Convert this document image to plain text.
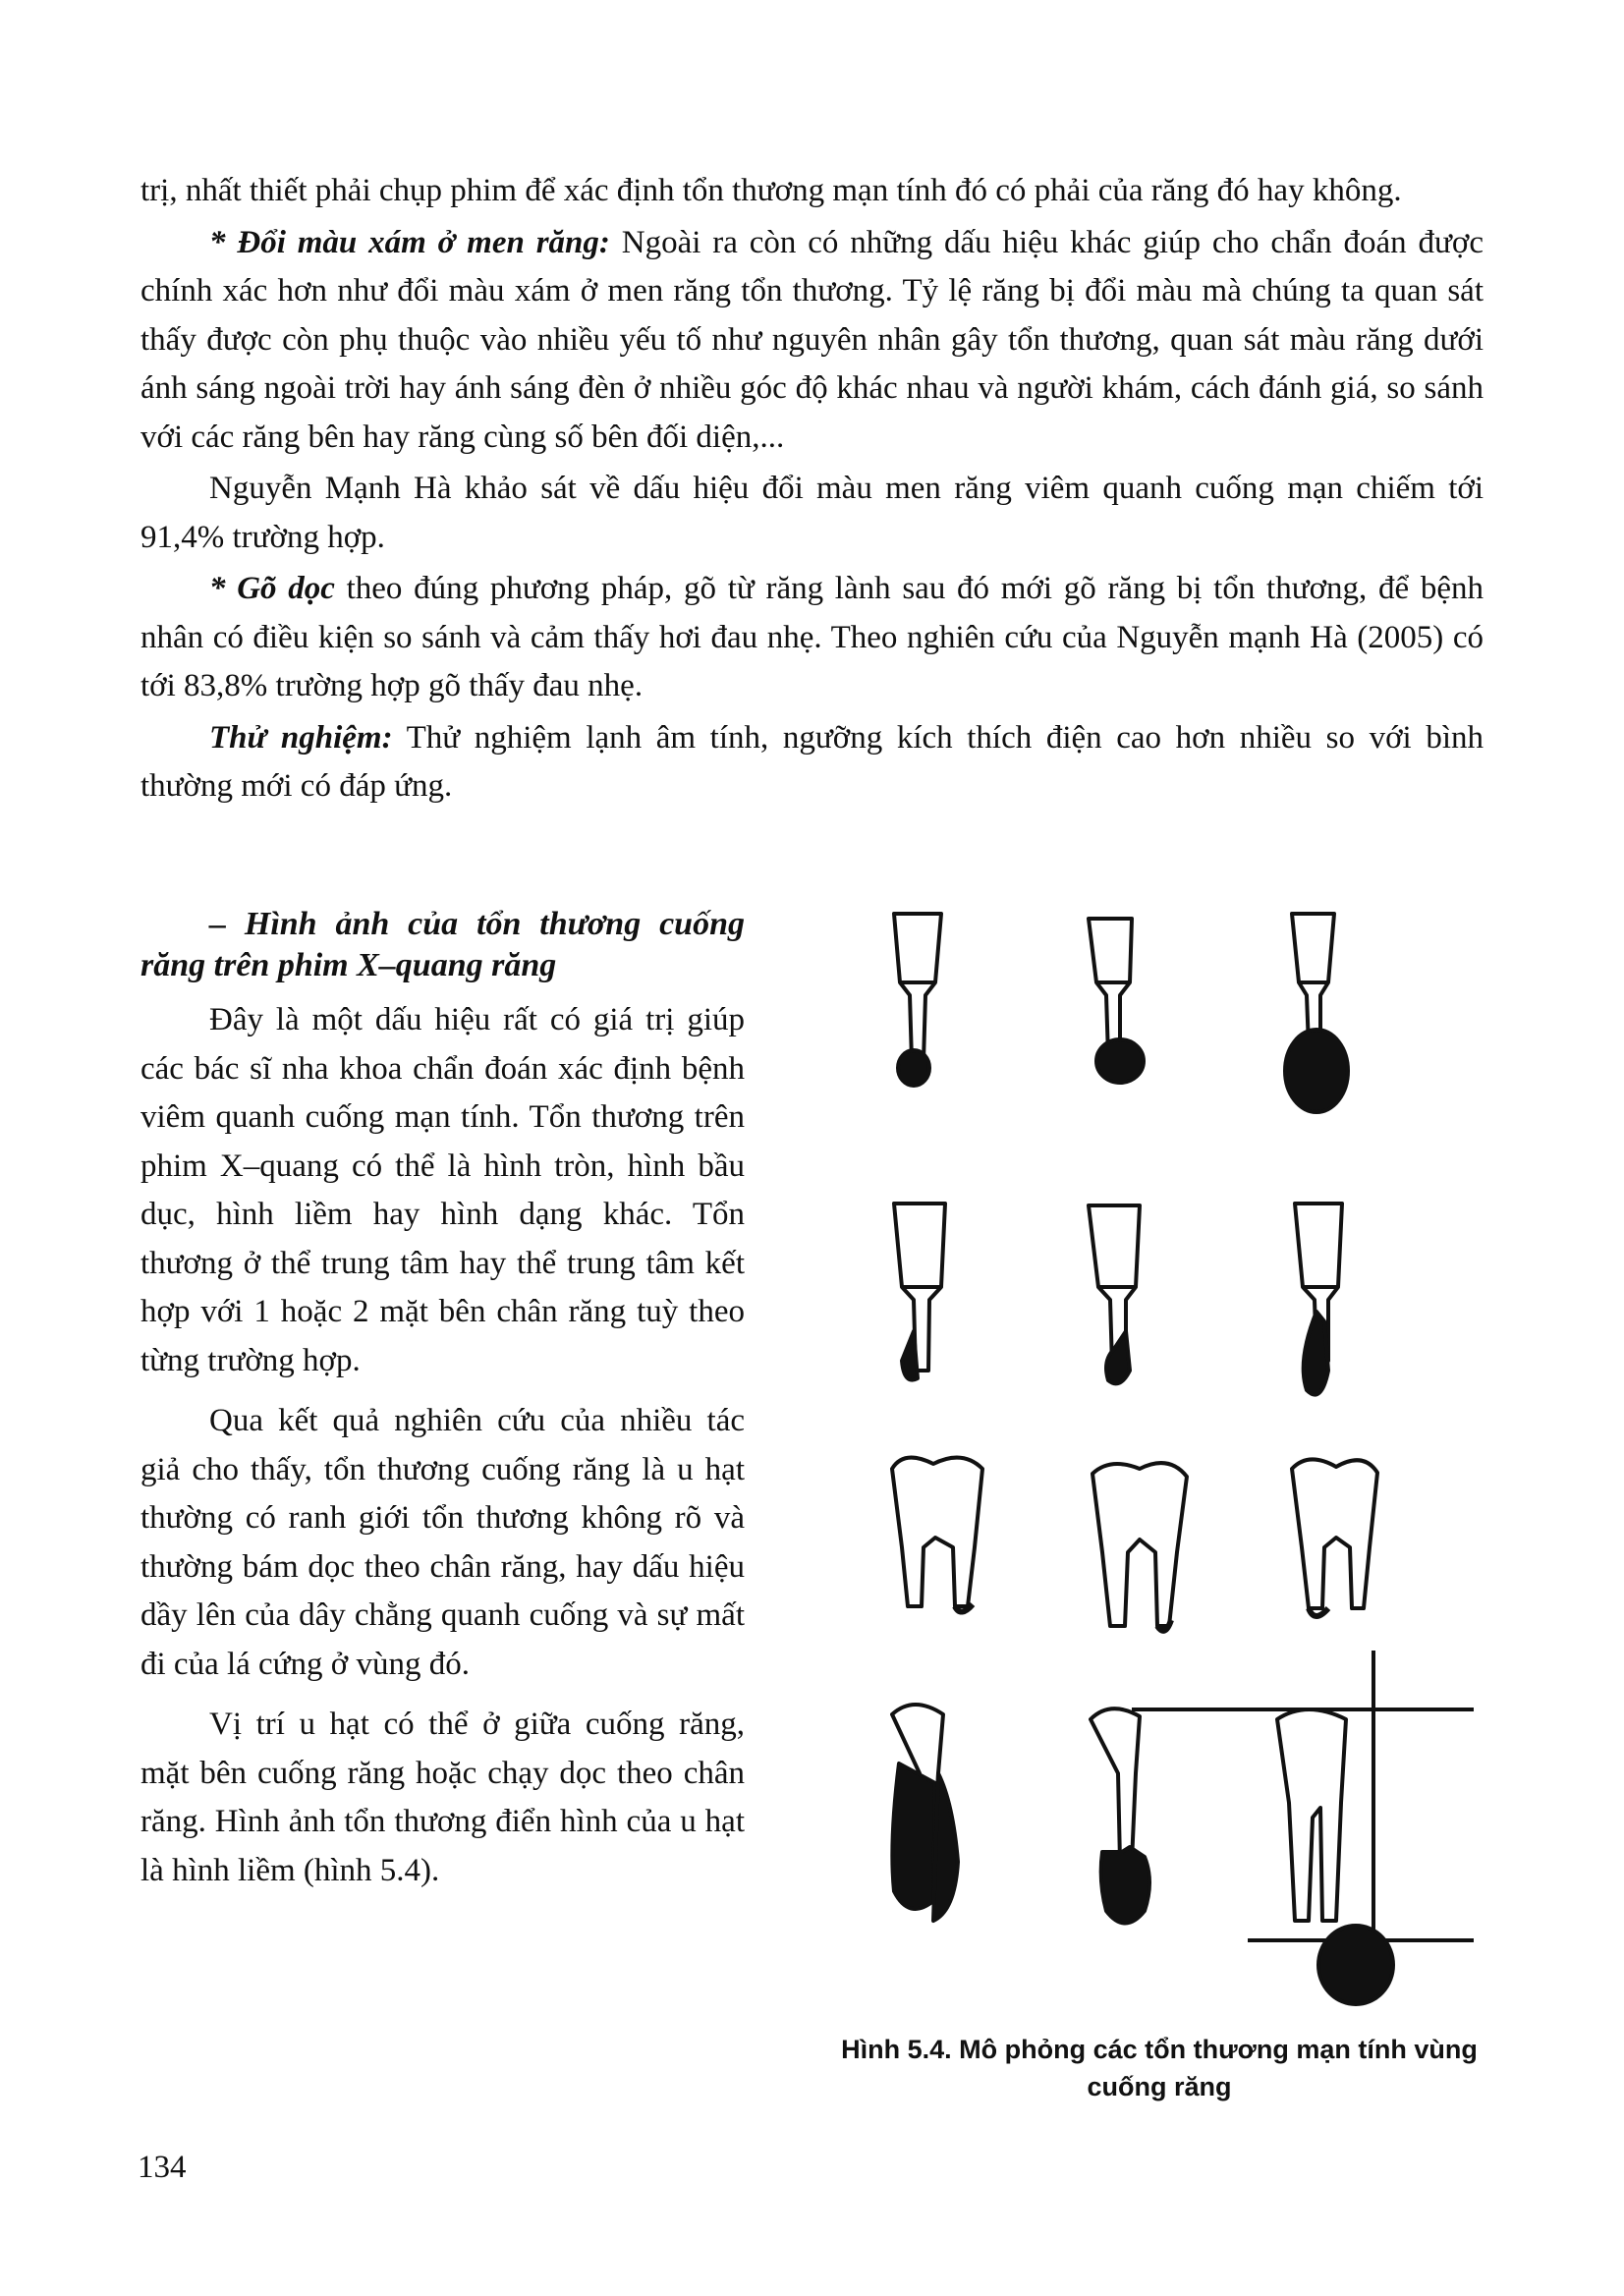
trị, nhất thiết phải chụp phim để xác định tổn thương mạn tính đó có phải của răng đó hay không.

* Đổi màu xám ở men răng: Ngoài ra còn có những dấu hiệu khác giúp cho chẩn đoán được chính xác hơn như đổi màu xám ở men răng tổn thương. Tỷ lệ răng bị đổi màu mà chúng ta quan sát thấy được còn phụ thuộc vào nhiều yếu tố như nguyên nhân gây tổn thương, quan sát màu răng dưới ánh sáng ngoài trời hay ánh sáng đèn ở nhiều góc độ khác nhau và người khám, cách đánh giá, so sánh với các răng bên hay răng cùng số bên đối diện,...

Nguyễn Mạnh Hà khảo sát về dấu hiệu đổi màu men răng viêm quanh cuống mạn chiếm tới 91,4% trường hợp.

* Gõ dọc theo đúng phương pháp, gõ từ răng lành sau đó mới gõ răng bị tổn thương, để bệnh nhân có điều kiện so sánh và cảm thấy hơi đau nhẹ. Theo nghiên cứu của Nguyễn mạnh Hà (2005) có tới 83,8% trường hợp gõ thấy đau nhẹ.

Thử nghiệm: Thử nghiệm lạnh âm tính, ngưỡng kích thích điện cao hơn nhiều so với bình thường mới có đáp ứng.

– Hình ảnh của tổn thương cuống răng trên phim X–quang răng

Đây là một dấu hiệu rất có giá trị giúp các bác sĩ nha khoa chẩn đoán xác định bệnh viêm quanh cuống mạn tính. Tổn thương trên phim X–quang có thể là hình tròn, hình bầu dục, hình liềm hay hình dạng khác. Tổn thương ở thể trung tâm hay thể trung tâm kết hợp với 1 hoặc 2 mặt bên chân răng tuỳ theo từng trường hợp.

Qua kết quả nghiên cứu của nhiều tác giả cho thấy, tổn thương cuống răng là u hạt thường có ranh giới tổn thương không rõ và thường bám dọc theo chân răng, hay dấu hiệu dầy lên của dây chằng quanh cuống và sự mất đi của lá cứng ở vùng đó.

Vị trí u hạt có thể ở giữa cuống răng, mặt bên cuống răng hoặc chạy dọc theo chân răng. Hình ảnh tổn thương điển hình của u hạt là hình liềm (hình 5.4).

Hình 5.4. Mô phỏng các tổn thương mạn tính vùng cuống răng
134
